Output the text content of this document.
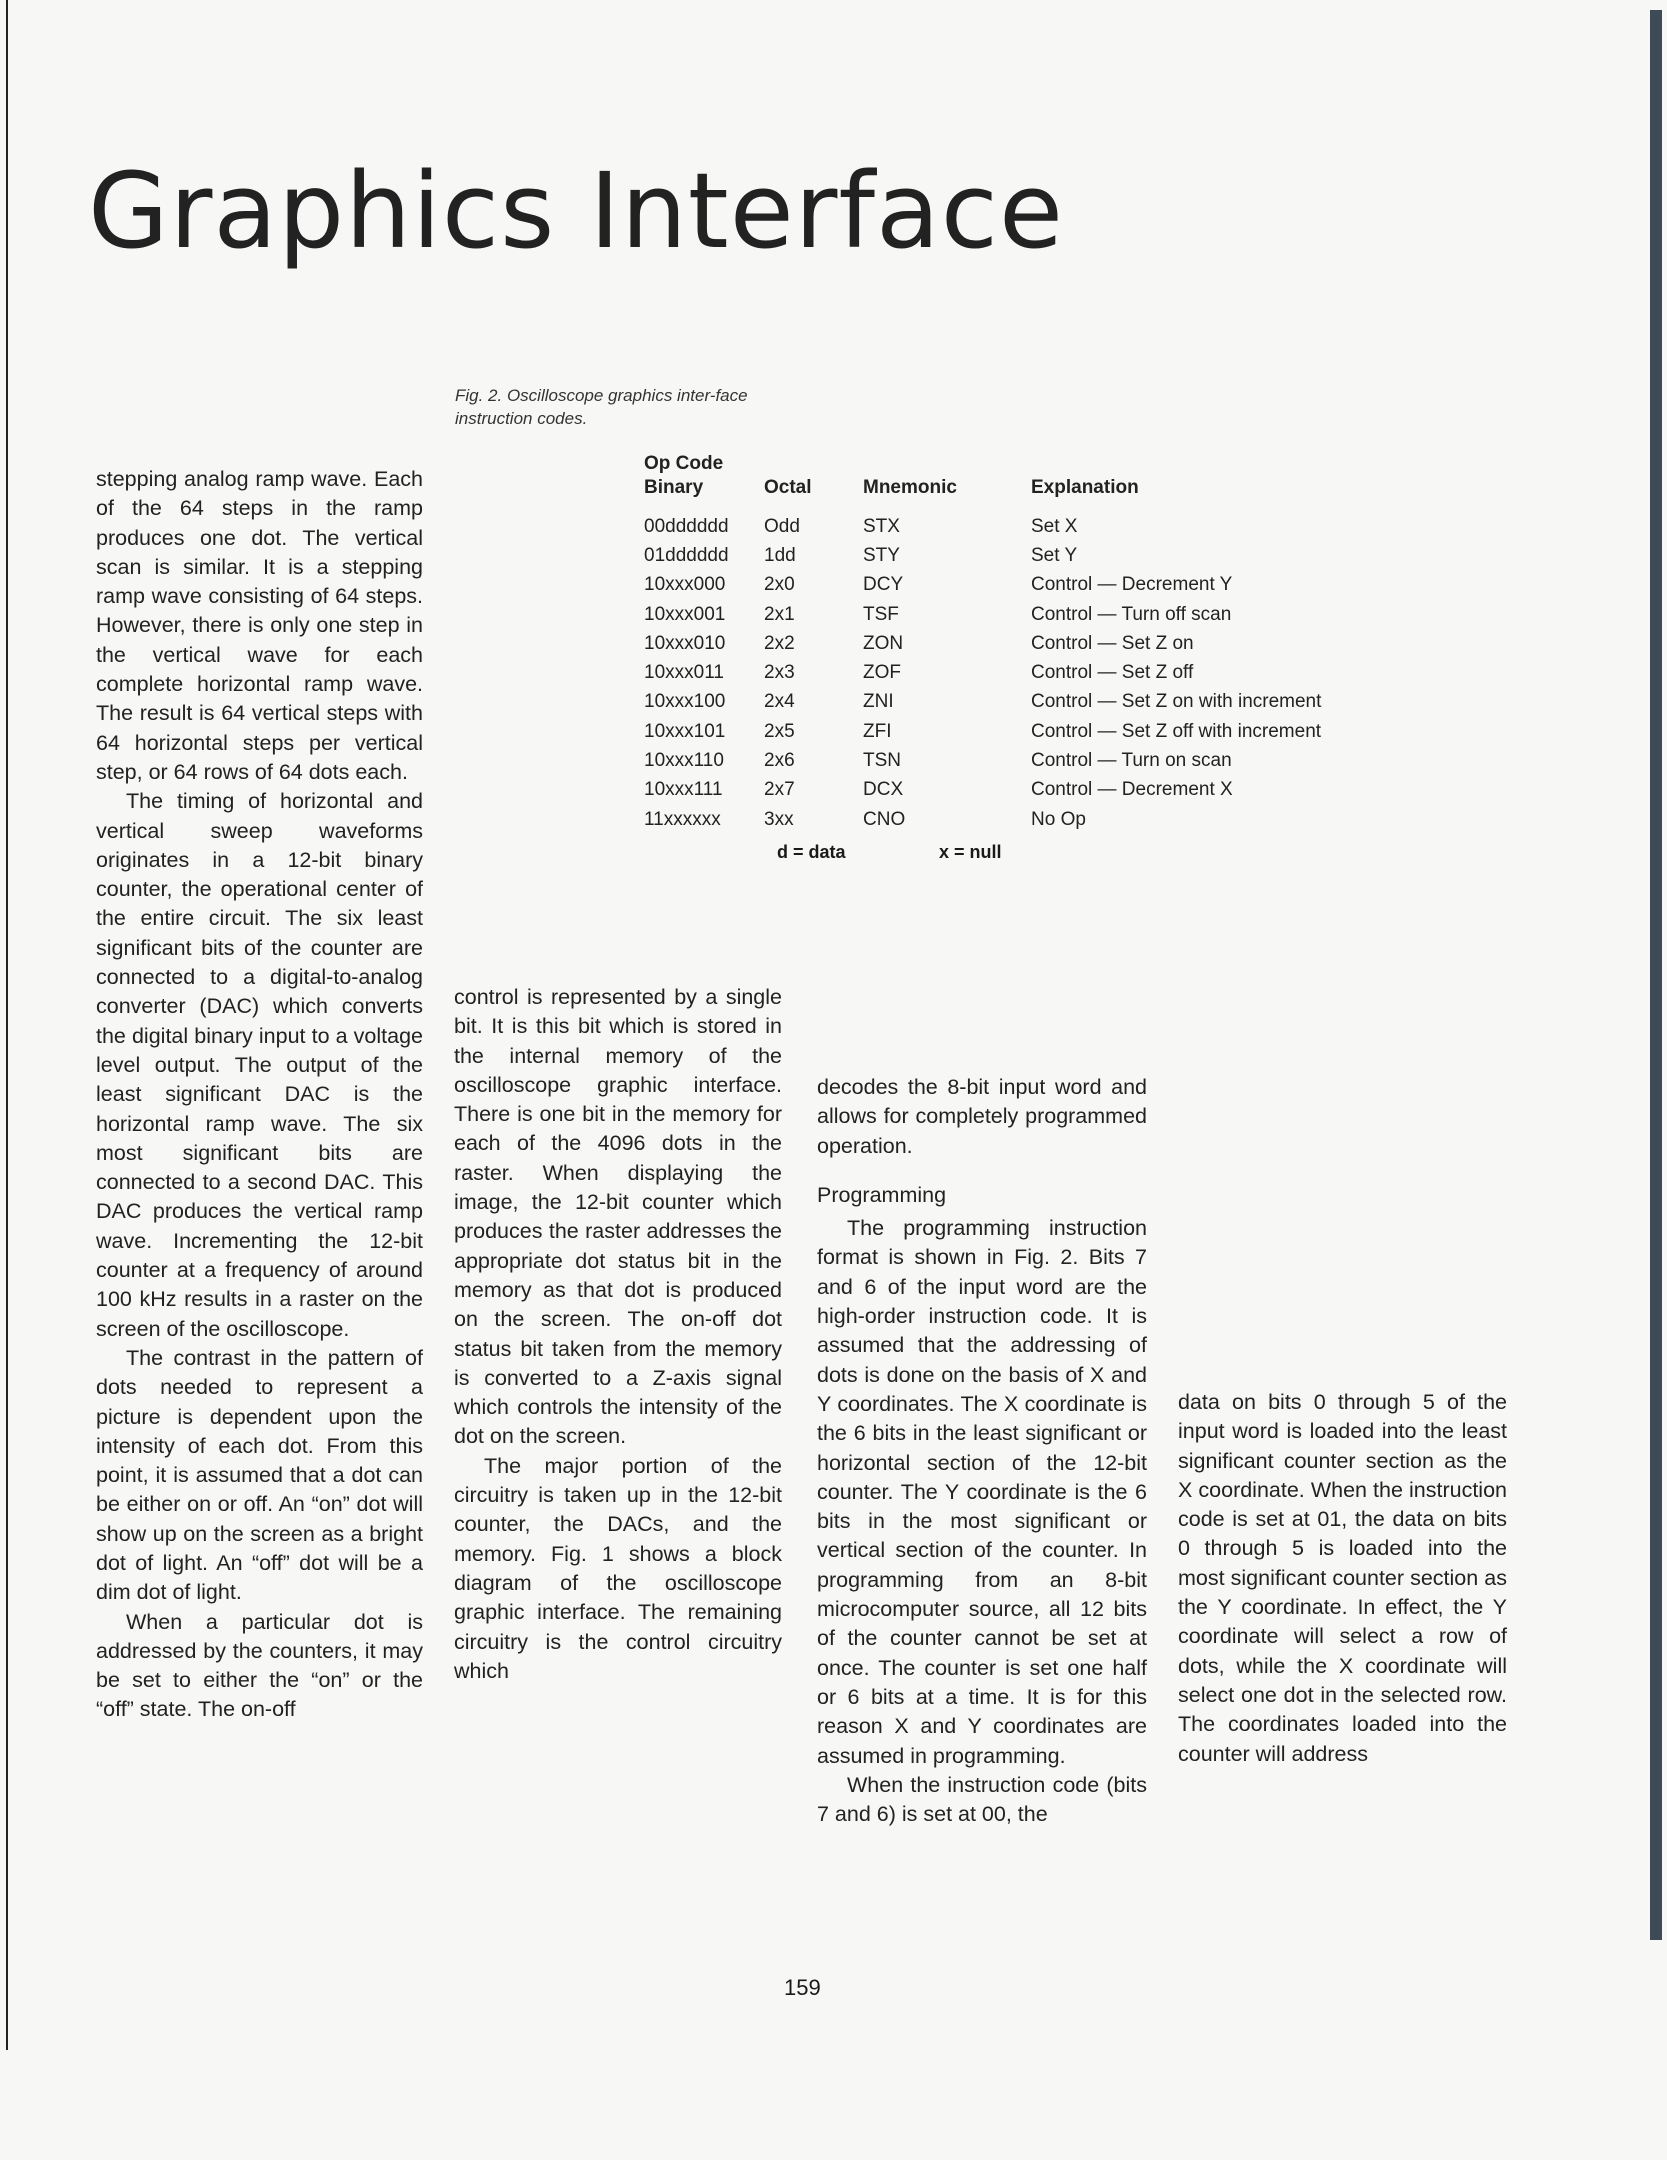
Graphics Interface

Fig. 2. Oscilloscope graphics inter-face instruction codes.

Op Code Binary	Octal	Mnemonic	Explanation
00dddddd	Odd	STX	Set X
01dddddd	1dd	STY	Set Y
10xxx000	2x0	DCY	Control — Decrement Y
10xxx001	2x1	TSF	Control — Turn off scan
10xxx010	2x2	ZON	Control — Set Z on
10xxx011	2x3	ZOF	Control — Set Z off
10xxx100	2x4	ZNI	Control — Set Z on with increment
10xxx101	2x5	ZFI	Control — Set Z off with increment
10xxx110	2x6	TSN	Control — Turn on scan
10xxx111	2x7	DCX	Control — Decrement X
11xxxxxx	3xx	CNO	No Op
d = data	x = null

stepping analog ramp wave. Each of the 64 steps in the ramp produces one dot. The vertical scan is similar. It is a stepping ramp wave consisting of 64 steps. However, there is only one step in the vertical wave for each complete horizontal ramp wave. The result is 64 vertical steps with 64 horizontal steps per vertical step, or 64 rows of 64 dots each.

The timing of horizontal and vertical sweep waveforms originates in a 12-bit binary counter, the operational center of the entire circuit. The six least significant bits of the counter are connected to a digital-to-analog converter (DAC) which converts the digital binary input to a voltage level output. The output of the least significant DAC is the horizontal ramp wave. The six most significant bits are connected to a second DAC. This DAC produces the vertical ramp wave. Incrementing the 12-bit counter at a frequency of around 100 kHz results in a raster on the screen of the oscilloscope.

The contrast in the pattern of dots needed to represent a picture is dependent upon the intensity of each dot. From this point, it is assumed that a dot can be either on or off. An “on” dot will show up on the screen as a bright dot of light. An “off” dot will be a dim dot of light.

When a particular dot is addressed by the counters, it may be set to either the “on” or the “off” state. The on-off

control is represented by a single bit. It is this bit which is stored in the internal memory of the oscilloscope graphic interface. There is one bit in the memory for each of the 4096 dots in the raster. When displaying the image, the 12-bit counter which produces the raster addresses the appropriate dot status bit in the memory as that dot is produced on the screen. The on-off dot status bit taken from the memory is converted to a Z-axis signal which controls the intensity of the dot on the screen.

The major portion of the circuitry is taken up in the 12-bit counter, the DACs, and the memory. Fig. 1 shows a block diagram of the oscilloscope graphic interface. The remaining circuitry is the control circuitry which

decodes the 8-bit input word and allows for completely programmed operation.

Programming

The programming instruction format is shown in Fig. 2. Bits 7 and 6 of the input word are the high-order instruction code. It is assumed that the addressing of dots is done on the basis of X and Y coordinates. The X coordinate is the 6 bits in the least significant or horizontal section of the 12-bit counter. The Y coordinate is the 6 bits in the most significant or vertical section of the counter. In programming from an 8-bit microcomputer source, all 12 bits of the counter cannot be set at once. The counter is set one half or 6 bits at a time. It is for this reason X and Y coordinates are assumed in programming.

When the instruction code (bits 7 and 6) is set at 00, the

data on bits 0 through 5 of the input word is loaded into the least significant counter section as the X coordinate. When the instruction code is set at 01, the data on bits 0 through 5 is loaded into the most significant counter section as the Y coordinate. In effect, the Y coordinate will select a row of dots, while the X coordinate will select one dot in the selected row. The coordinates loaded into the counter will address

159
